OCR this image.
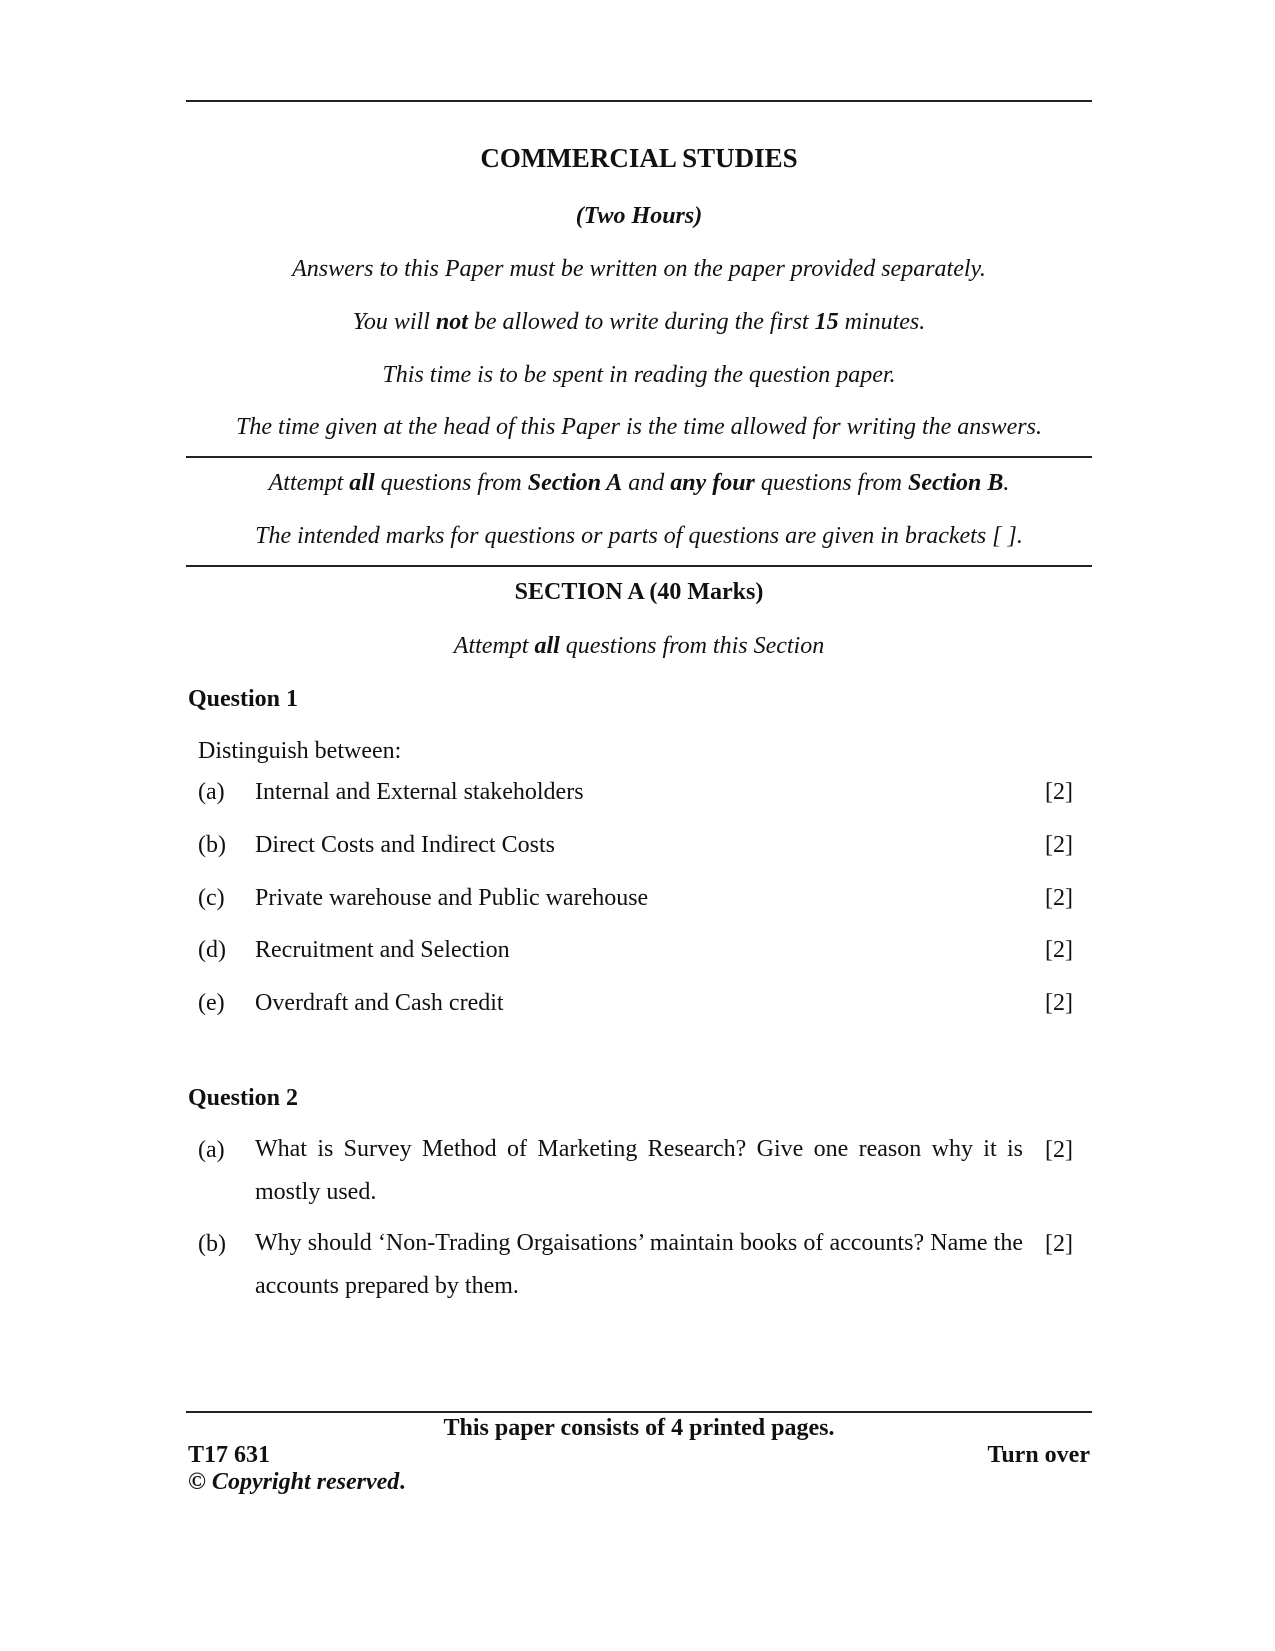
COMMERCIAL STUDIES
(Two Hours)
Answers to this Paper must be written on the paper provided separately.
You will not be allowed to write during the first 15 minutes.
This time is to be spent in reading the question paper.
The time given at the head of this Paper is the time allowed for writing the answers.
Attempt all questions from Section A and any four questions from Section B.
The intended marks for questions or parts of questions are given in brackets [ ].
SECTION A (40 Marks)
Attempt all questions from this Section
Question 1
Distinguish between:
(a) Internal and External stakeholders	[2]
(b) Direct Costs and Indirect Costs	[2]
(c) Private warehouse and Public warehouse	[2]
(d) Recruitment and Selection	[2]
(e) Overdraft and Cash credit	[2]
Question 2
(a) What is Survey Method of Marketing Research? Give one reason why it is mostly used.
[2]
(b) Why should ‘Non-Trading Orgaisations’ maintain books of accounts? Name the accounts prepared by them.
[2]
This paper consists of 4 printed pages.
T17 631	Turn over
© Copyright reserved.
